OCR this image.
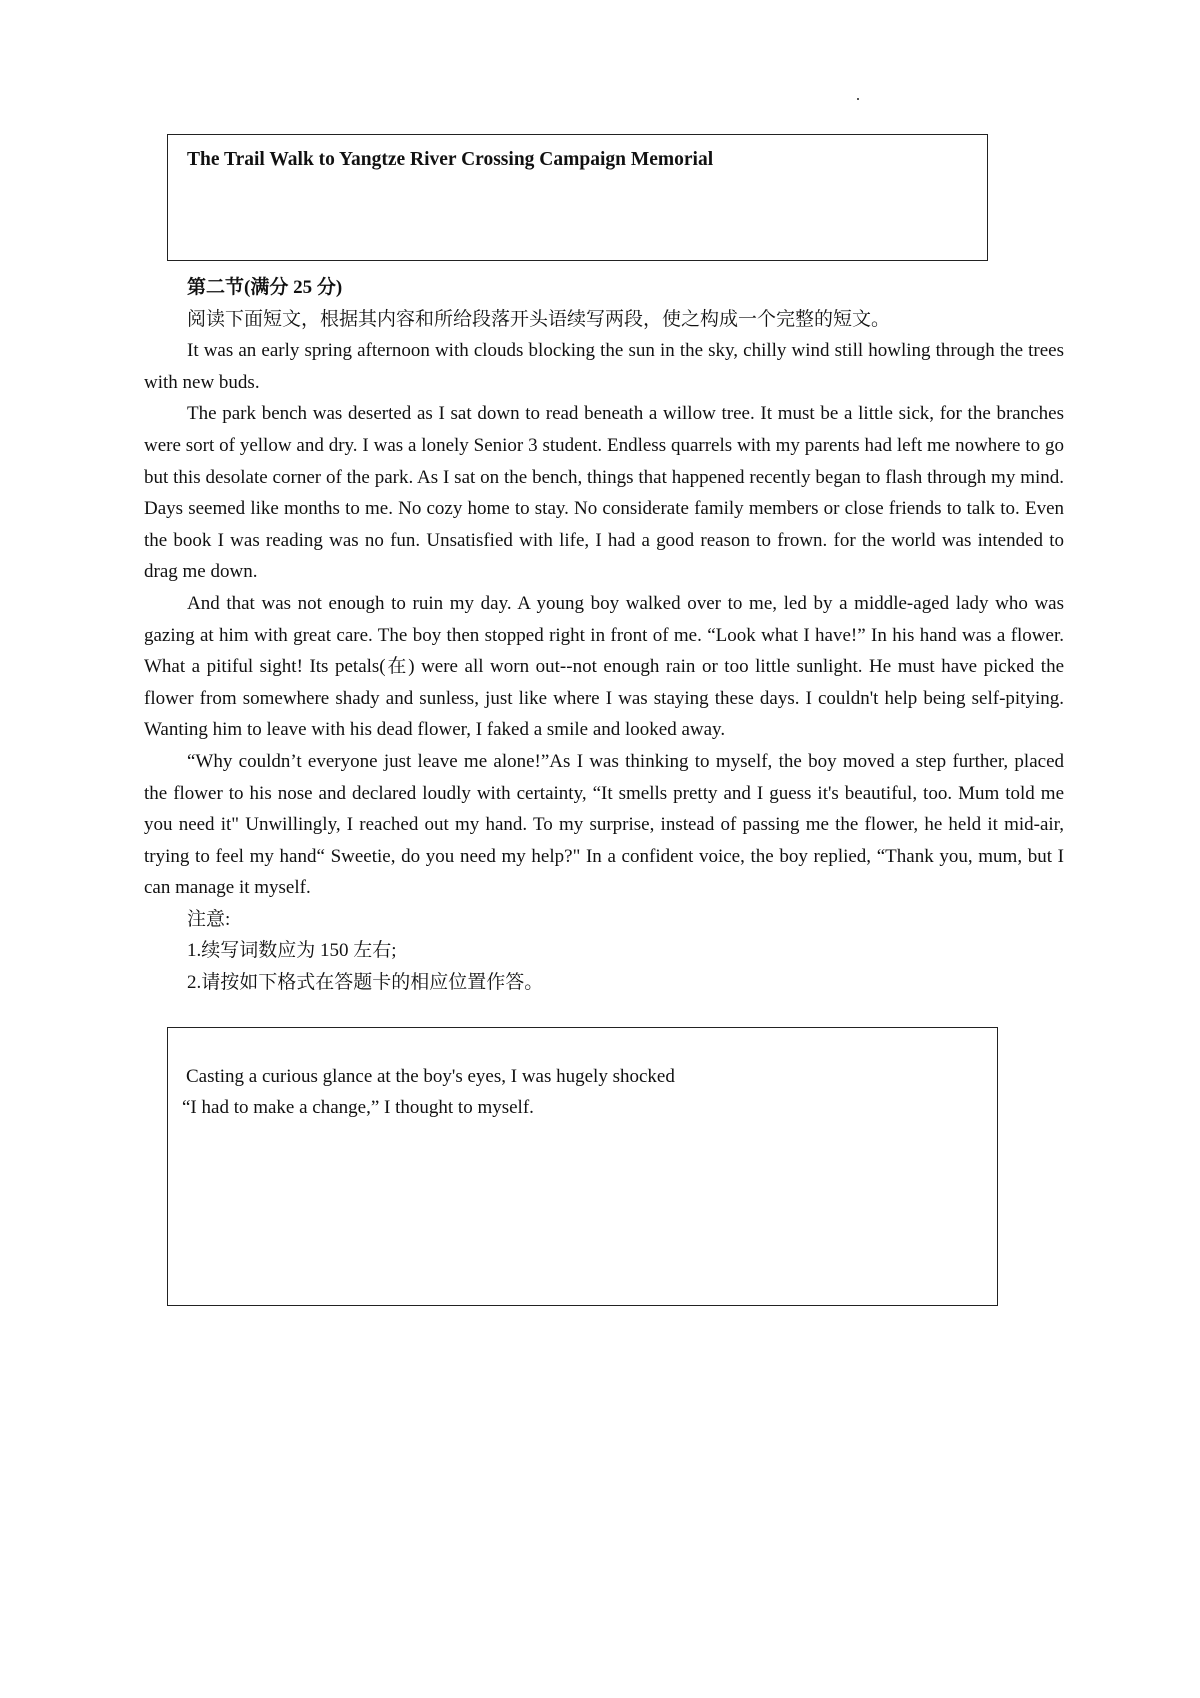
The Trail Walk to Yangtze River Crossing Campaign Memorial

第二节(满分 25 分)

阅读下面短文，根据其内容和所给段落开头语续写两段，使之构成一个完整的短文。

It was an early spring afternoon with clouds blocking the sun in the sky, chilly wind still howling through the trees with new buds.

The park bench was deserted as I sat down to read beneath a willow tree. It must be a little sick, for the branches were sort of yellow and dry. I was a lonely Senior 3 student. Endless quarrels with my parents had left me nowhere to go but this desolate corner of the park. As I sat on the bench, things that happened recently began to flash through my mind. Days seemed like months to me. No cozy home to stay. No considerate family members or close friends to talk to. Even the book I was reading was no fun. Unsatisfied with life, I had a good reason to frown. for the world was intended to drag me down.

And that was not enough to ruin my day. A young boy walked over to me, led by a middle-aged lady who was gazing at him with great care. The boy then stopped right in front of me. “Look what I have!” In his hand was a flower. What a pitiful sight! Its petals(在) were all worn out--not enough rain or too little sunlight. He must have picked the flower from somewhere shady and sunless, just like where I was staying these days. I couldn't help being self-pitying. Wanting him to leave with his dead flower, I faked a smile and looked away.

“Why couldn’t everyone just leave me alone!”As I was thinking to myself, the boy moved a step further, placed the flower to his nose and declared loudly with certainty, “It smells pretty and I guess it's beautiful, too. Mum told me you need it" Unwillingly, I reached out my hand. To my surprise, instead of passing me the flower, he held it mid-air, trying to feel my hand“ Sweetie, do you need my help?" In a confident voice, the boy replied, “Thank you, mum, but I can manage it myself.

注意:

1.续写词数应为 150 左右;

2.请按如下格式在答题卡的相应位置作答。

Casting a curious glance at the boy's eyes, I was hugely shocked
“I had to make a change,” I thought to myself.
